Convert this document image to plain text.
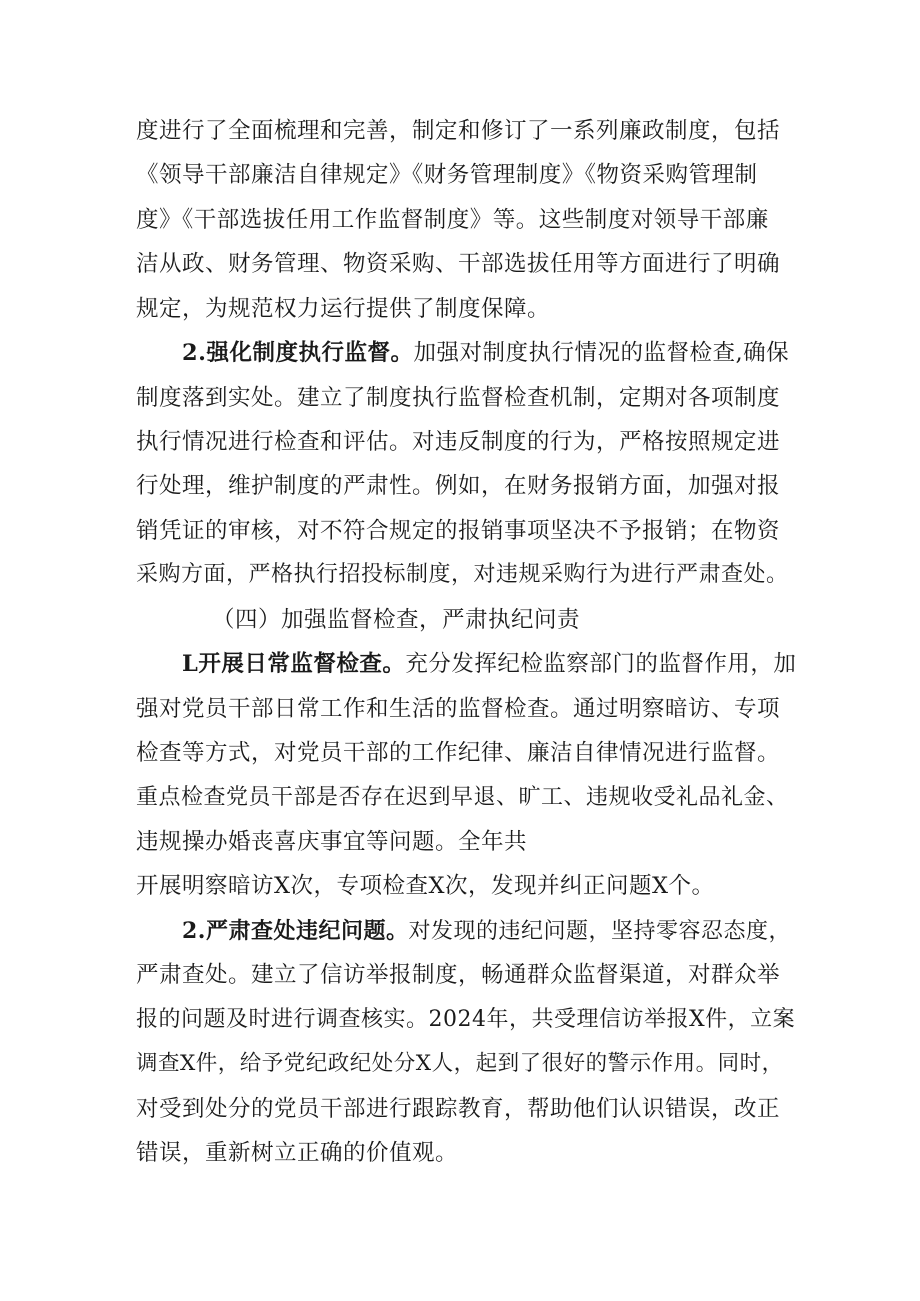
度进行了全面梳理和完善，制定和修订了一系列廉政制度，包括
《领导干部廉洁自律规定》《财务管理制度》《物资采购管理制
度》《干部选拔任用工作监督制度》等。这些制度对领导干部廉
洁从政、财务管理、物资采购、干部选拔任用等方面进行了明确
规定，为规范权力运行提供了制度保障。
2.强化制度执行监督。加强对制度执行情况的监督检查,确保
制度落到实处。建立了制度执行监督检查机制，定期对各项制度
执行情况进行检查和评估。对违反制度的行为，严格按照规定进
行处理，维护制度的严肃性。例如，在财务报销方面，加强对报
销凭证的审核，对不符合规定的报销事项坚决不予报销；在物资
采购方面，严格执行招投标制度，对违规采购行为进行严肃查处。
（四）加强监督检查，严肃执纪问责
L开展日常监督检查。充分发挥纪检监察部门的监督作用，加
强对党员干部日常工作和生活的监督检查。通过明察暗访、专项
检查等方式，对党员干部的工作纪律、廉洁自律情况进行监督。
重点检查党员干部是否存在迟到早退、旷工、违规收受礼品礼金、
违规操办婚丧喜庆事宜等问题。全年共
开展明察暗访X次，专项检查X次，发现并纠正问题X个。
2.严肃查处违纪问题。对发现的违纪问题，坚持零容忍态度，
严肃查处。建立了信访举报制度，畅通群众监督渠道，对群众举
报的问题及时进行调查核实。2024年，共受理信访举报X件，立案
调查X件，给予党纪政纪处分X人，起到了很好的警示作用。同时，
对受到处分的党员干部进行跟踪教育，帮助他们认识错误，改正
错误，重新树立正确的价值观。
